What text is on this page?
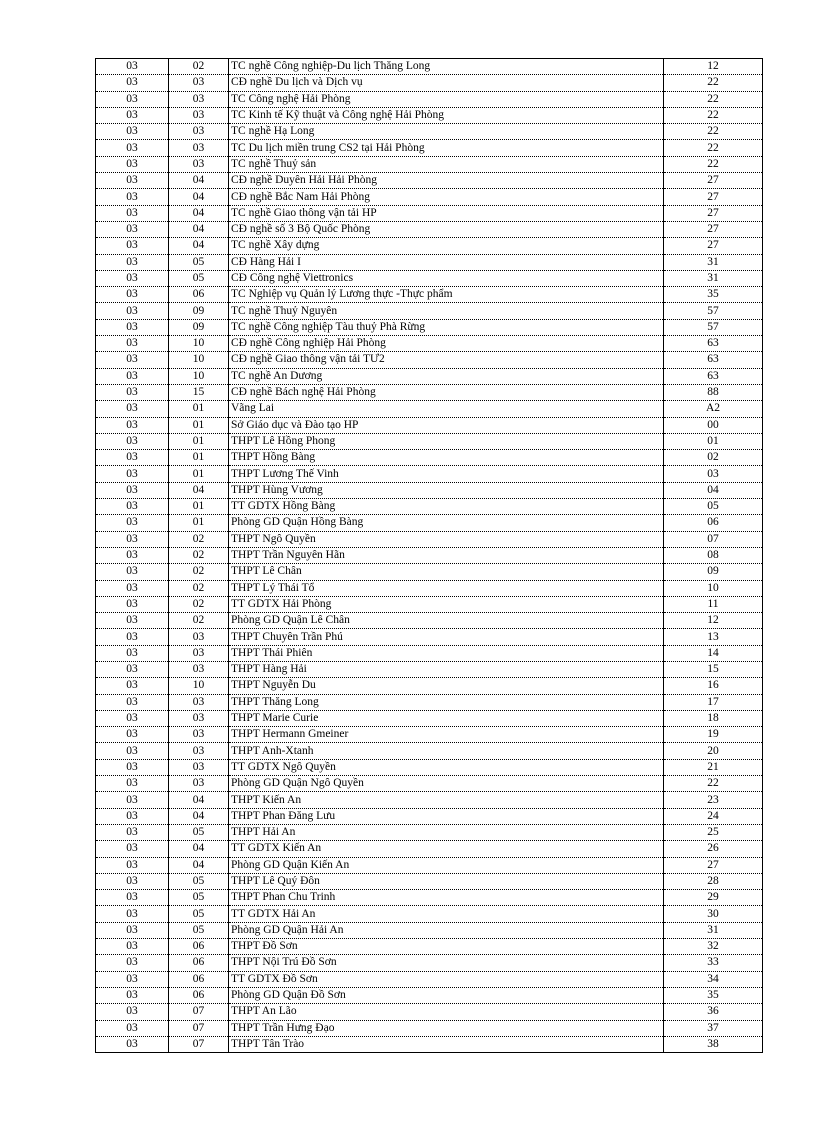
03	02	TC nghề Công nghiệp-Du lịch Thăng Long	12
03	03	CĐ nghề Du lịch và Dịch vụ	22
03	03	TC Công nghệ Hải Phòng	22
03	03	TC Kinh tế Kỹ thuật và Công nghệ Hải Phòng	22
03	03	TC nghề Hạ Long	22
03	03	TC Du lịch miền trung CS2 tại Hải Phòng	22
03	03	TC nghề Thuỷ sản	22
03	04	CĐ nghề Duyên Hải Hải Phòng	27
03	04	CĐ nghề Bắc Nam Hải Phòng	27
03	04	TC nghề Giao thông vận tải HP	27
03	04	CĐ nghề số 3 Bộ Quốc Phòng	27
03	04	TC nghề Xây dựng	27
03	05	CĐ Hàng Hải I	31
03	05	CĐ Công nghệ Viettronics	31
03	06	TC Nghiệp vụ Quản lý Lương thực -Thực phẩm	35
03	09	TC nghề Thuỷ Nguyên	57
03	09	TC nghề Công nghiệp Tàu thuỷ Phà Rừng	57
03	10	CĐ nghề Công nghiệp Hải Phòng	63
03	10	CĐ nghề Giao thông vận tải TƯ2	63
03	10	TC nghề An Dương	63
03	15	CĐ nghề Bách nghệ Hải Phòng	88
03	01	Vãng Lai	A2
03	01	Sở Giáo dục và Đào tạo HP	00
03	01	THPT Lê Hồng Phong	01
03	01	THPT Hồng Bàng	02
03	01	THPT Lương Thế Vinh	03
03	04	THPT Hùng Vương	04
03	01	TT GDTX Hồng Bàng	05
03	01	Phòng GD Quận Hồng Bàng	06
03	02	THPT Ngô Quyền	07
03	02	THPT Trần Nguyên Hãn	08
03	02	THPT Lê Chân	09
03	02	THPT Lý Thái Tổ	10
03	02	TT GDTX Hải Phòng	11
03	02	Phòng GD Quận Lê Chân	12
03	03	THPT Chuyên Trần Phú	13
03	03	THPT Thái Phiên	14
03	03	THPT Hàng Hải	15
03	10	THPT Nguyễn Du	16
03	03	THPT Thăng Long	17
03	03	THPT Marie Curie	18
03	03	THPT Hermann Gmeiner	19
03	03	THPT Anh-Xtanh	20
03	03	TT GDTX Ngô Quyền	21
03	03	Phòng GD Quận Ngô Quyền	22
03	04	THPT Kiến An	23
03	04	THPT Phan Đăng Lưu	24
03	05	THPT Hải An	25
03	04	TT GDTX Kiến An	26
03	04	Phòng GD Quận Kiến An	27
03	05	THPT Lê Quý Đôn	28
03	05	THPT Phan Chu Trinh	29
03	05	TT GDTX Hải An	30
03	05	Phòng GD Quận Hải An	31
03	06	THPT Đồ Sơn	32
03	06	THPT Nội Trú Đồ Sơn	33
03	06	TT GDTX Đồ Sơn	34
03	06	Phòng GD Quận Đồ Sơn	35
03	07	THPT An Lão	36
03	07	THPT Trần Hưng Đạo	37
03	07	THPT Tân Trào	38
